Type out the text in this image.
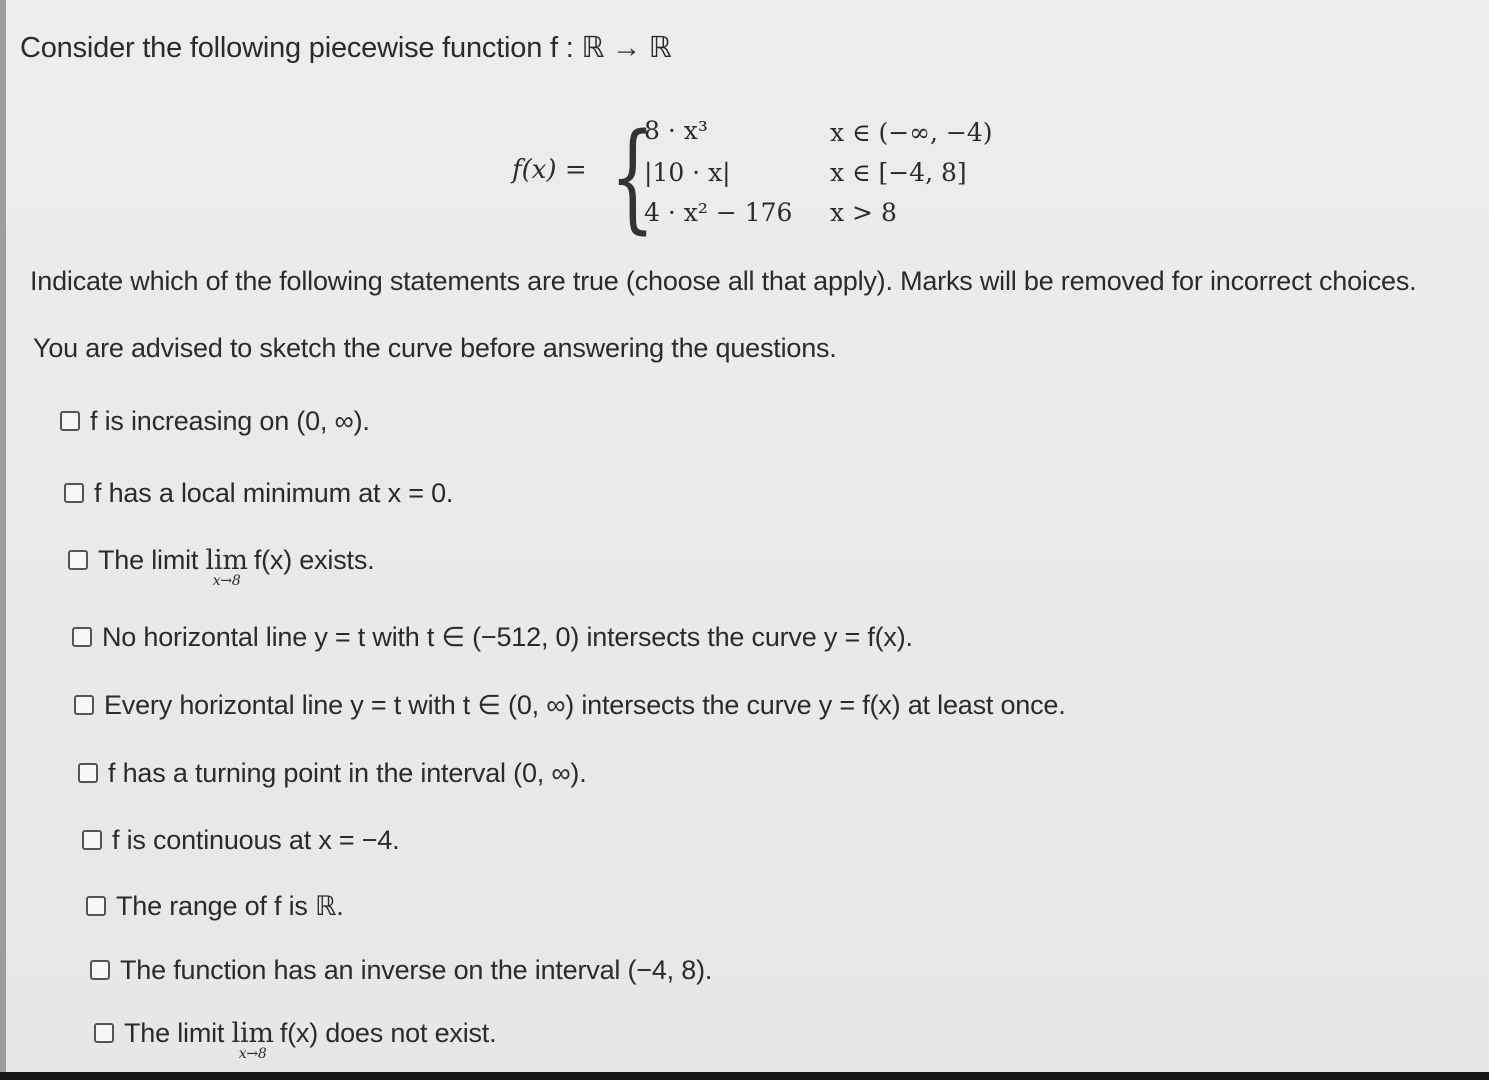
Consider the following piecewise function f : ℝ → ℝ
f(x) = {
8 · x³	x ∈ (−∞, −4)
|10 · x|	x ∈ [−4, 8]
4 · x² − 176 x > 8
Indicate which of the following statements are true (choose all that apply). Marks will be removed for incorrect choices.
You are advised to sketch the curve before answering the questions.
f is increasing on (0, ∞).
f has a local minimum at x = 0.
The limit
lim
x→8
f(x) exists.
No horizontal line y = t with t ∈ (−512, 0) intersects the curve y = f(x).
Every horizontal line y = t with t ∈ (0, ∞) intersects the curve y = f(x) at least once.
f has a turning point in the interval (0, ∞).
f is continuous at x = −4.
The range of f is ℝ.
The function has an inverse on the interval (−4, 8).
The limit
lim
x→8
f(x) does not exist.
